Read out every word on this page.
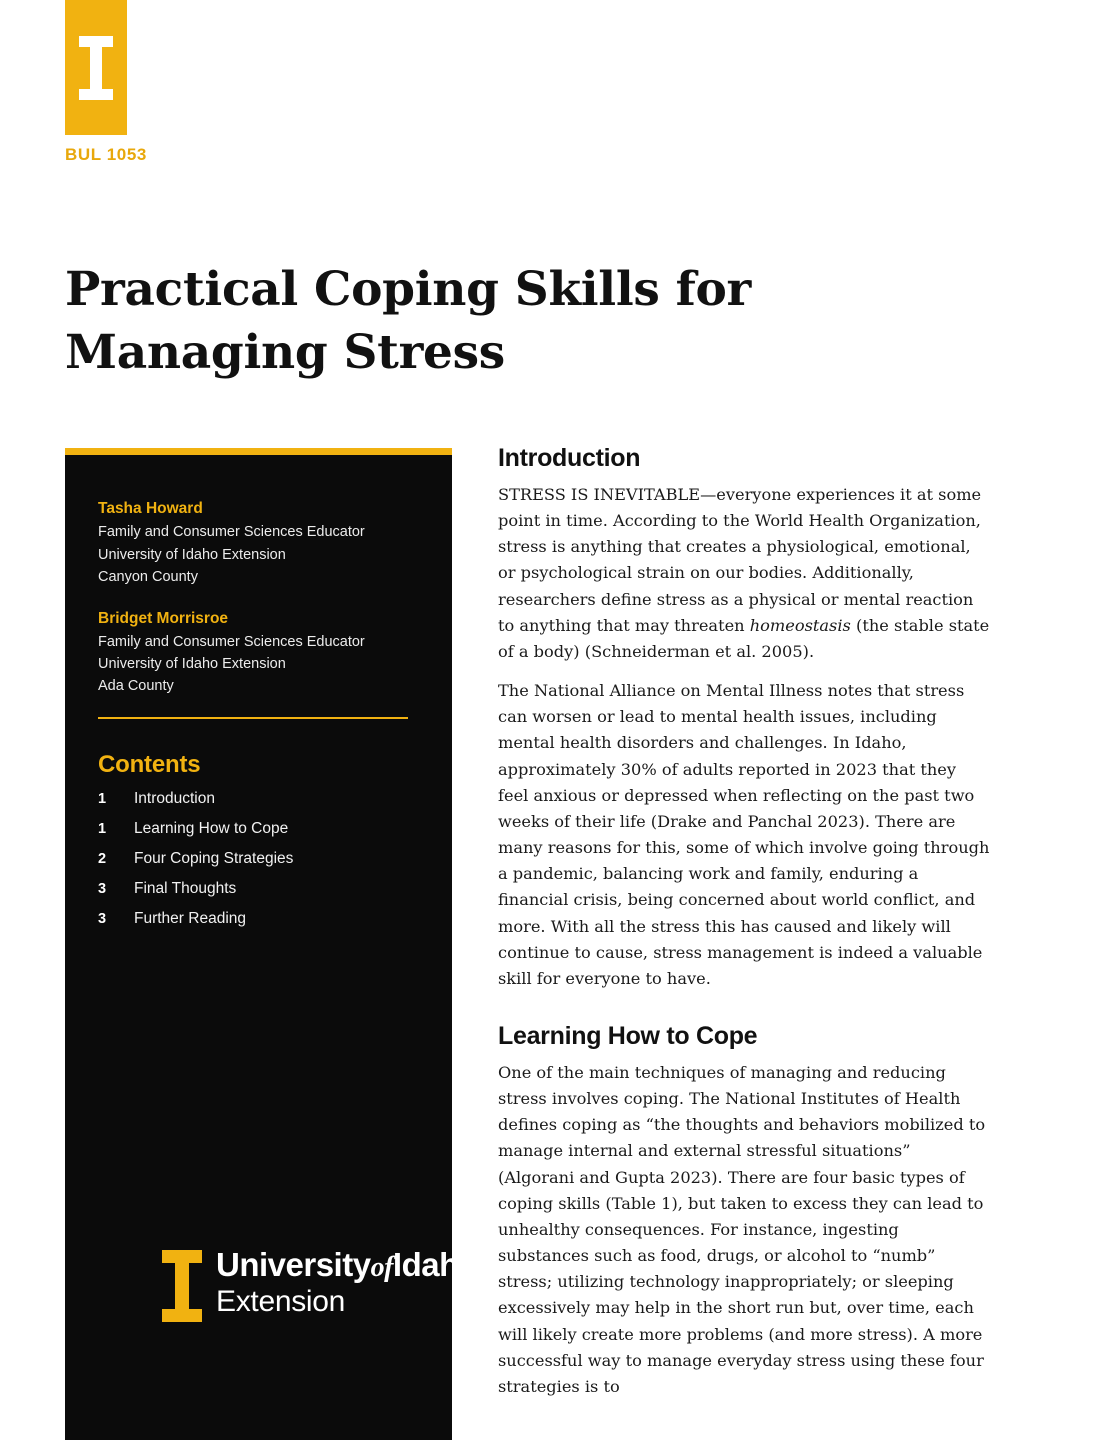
BUL 1053
Practical Coping Skills for Managing Stress
Tasha Howard
Family and Consumer Sciences Educator
University of Idaho Extension
Canyon County
Bridget Morrisroe
Family and Consumer Sciences Educator
University of Idaho Extension
Ada County
Contents
1	Introduction
1	Learning How to Cope
2	Four Coping Strategies
3	Final Thoughts
3	Further Reading
UniversityofIdaho
Extension
Introduction

STRESS IS INEVITABLE—everyone experiences it at some point in time. According to the World Health Organization, stress is anything that creates a physiological, emotional, or psychological strain on our bodies. Additionally, researchers define stress as a physical or mental reaction to anything that may threaten homeostasis (the stable state of a body) (Schneiderman et al. 2005).

The National Alliance on Mental Illness notes that stress can worsen or lead to mental health issues, including mental health disorders and challenges. In Idaho, approximately 30% of adults reported in 2023 that they feel anxious or depressed when reflecting on the past two weeks of their life (Drake and Panchal 2023). There are many reasons for this, some of which involve going through a pandemic, balancing work and family, enduring a financial crisis, being concerned about world conflict, and more. With all the stress this has caused and likely will continue to cause, stress management is indeed a valuable skill for everyone to have.

Learning How to Cope

One of the main techniques of managing and reducing stress involves coping. The National Institutes of Health defines coping as “the thoughts and behaviors mobilized to manage internal and external stressful situations” (Algorani and Gupta 2023). There are four basic types of coping skills (Table 1), but taken to excess they can lead to unhealthy consequences. For instance, ingesting substances such as food, drugs, or alcohol to “numb” stress; utilizing technology inappropriately; or sleeping excessively may help in the short run but, over time, each will likely create more problems (and more stress). A more successful way to manage everyday stress using these four strategies is to
